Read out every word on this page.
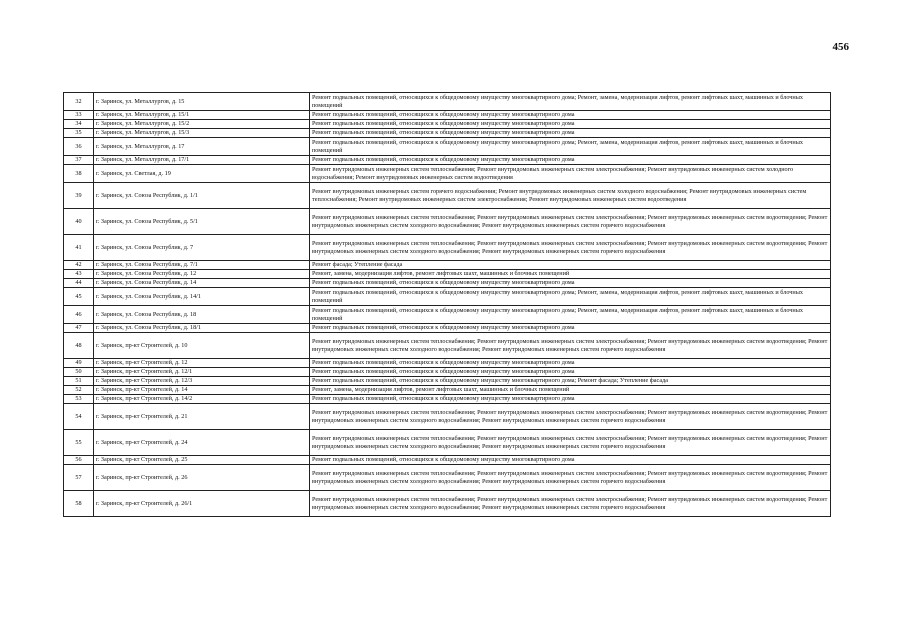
456
32	г. Заринск, ул. Металлургов, д. 15	Ремонт подвальных помещений, относящихся к общедомовому имуществу многоквартирного дома; Ремонт, замена, модернизация лифтов, ремонт лифтовых шахт, машинных и блочных помещений
33	г. Заринск, ул. Металлургов, д. 15/1	Ремонт подвальных помещений, относящихся к общедомовому имуществу многоквартирного дома
34	г. Заринск, ул. Металлургов, д. 15/2	Ремонт подвальных помещений, относящихся к общедомовому имуществу многоквартирного дома
35	г. Заринск, ул. Металлургов, д. 15/3	Ремонт подвальных помещений, относящихся к общедомовому имуществу многоквартирного дома
36	г. Заринск, ул. Металлургов, д. 17	Ремонт подвальных помещений, относящихся к общедомовому имуществу многоквартирного дома; Ремонт, замена, модернизация лифтов, ремонт лифтовых шахт, машинных и блочных помещений
37	г. Заринск, ул. Металлургов, д. 17/1	Ремонт подвальных помещений, относящихся к общедомовому имуществу многоквартирного дома
38	г. Заринск, ул. Светлая, д. 19	Ремонт внутридомовых инженерных систем теплоснабжения; Ремонт внутридомовых инженерных систем электроснабжения; Ремонт внутридомовых инженерных систем холодного водоснабжения; Ремонт внутридомовых инженерных систем водоотведения
39	г. Заринск, ул. Союза Республик, д. 1/1	Ремонт внутридомовых инженерных систем горячего водоснабжения; Ремонт внутридомовых инженерных систем холодного водоснабжения; Ремонт внутридомовых инженерных систем теплоснабжения; Ремонт внутридомовых инженерных систем электроснабжения; Ремонт внутридомовых инженерных систем водоотведения
40	г. Заринск, ул. Союза Республик, д. 5/1	Ремонт внутридомовых инженерных систем теплоснабжения; Ремонт внутридомовых инженерных систем электроснабжения; Ремонт внутридомовых инженерных систем водоотведения; Ремонт внутридомовых инженерных систем холодного водоснабжения; Ремонт внутридомовых инженерных систем горячего водоснабжения
41	г. Заринск, ул. Союза Республик, д. 7	Ремонт внутридомовых инженерных систем теплоснабжения; Ремонт внутридомовых инженерных систем электроснабжения; Ремонт внутридомовых инженерных систем водоотведения; Ремонт внутридомовых инженерных систем холодного водоснабжения; Ремонт внутридомовых инженерных систем горячего водоснабжения
42	г. Заринск, ул. Союза Республик, д. 7/1	Ремонт фасада; Утепление фасада
43	г. Заринск, ул. Союза Республик, д. 12	Ремонт, замена, модернизация лифтов, ремонт лифтовых шахт, машинных и блочных помещений
44	г. Заринск, ул. Союза Республик, д. 14	Ремонт подвальных помещений, относящихся к общедомовому имуществу многоквартирного дома
45	г. Заринск, ул. Союза Республик, д. 14/1	Ремонт подвальных помещений, относящихся к общедомовому имуществу многоквартирного дома; Ремонт, замена, модернизация лифтов, ремонт лифтовых шахт, машинных и блочных помещений
46	г. Заринск, ул. Союза Республик, д. 18	Ремонт подвальных помещений, относящихся к общедомовому имуществу многоквартирного дома; Ремонт, замена, модернизация лифтов, ремонт лифтовых шахт, машинных и блочных помещений
47	г. Заринск, ул. Союза Республик, д. 18/1	Ремонт подвальных помещений, относящихся к общедомовому имуществу многоквартирного дома
48	г. Заринск, пр-кт Строителей, д. 10	Ремонт внутридомовых инженерных систем теплоснабжения; Ремонт внутридомовых инженерных систем электроснабжения; Ремонт внутридомовых инженерных систем водоотведения; Ремонт внутридомовых инженерных систем холодного водоснабжения; Ремонт внутридомовых инженерных систем горячего водоснабжения
49	г. Заринск, пр-кт Строителей, д. 12	Ремонт подвальных помещений, относящихся к общедомовому имуществу многоквартирного дома
50	г. Заринск, пр-кт Строителей, д. 12/1	Ремонт подвальных помещений, относящихся к общедомовому имуществу многоквартирного дома
51	г. Заринск, пр-кт Строителей, д. 12/3	Ремонт подвальных помещений, относящихся к общедомовому имуществу многоквартирного дома; Ремонт фасада; Утепление фасада
52	г. Заринск, пр-кт Строителей, д. 14	Ремонт, замена, модернизация лифтов, ремонт лифтовых шахт, машинных и блочных помещений
53	г. Заринск, пр-кт Строителей, д. 14/2	Ремонт подвальных помещений, относящихся к общедомовому имуществу многоквартирного дома
54	г. Заринск, пр-кт Строителей, д. 21	Ремонт внутридомовых инженерных систем теплоснабжения; Ремонт внутридомовых инженерных систем электроснабжения; Ремонт внутридомовых инженерных систем водоотведения; Ремонт внутридомовых инженерных систем холодного водоснабжения; Ремонт внутридомовых инженерных систем горячего водоснабжения
55	г. Заринск, пр-кт Строителей, д. 24	Ремонт внутридомовых инженерных систем теплоснабжения; Ремонт внутридомовых инженерных систем электроснабжения; Ремонт внутридомовых инженерных систем водоотведения; Ремонт внутридомовых инженерных систем холодного водоснабжения; Ремонт внутридомовых инженерных систем горячего водоснабжения
56	г. Заринск, пр-кт Строителей, д. 25	Ремонт подвальных помещений, относящихся к общедомовому имуществу многоквартирного дома
57	г. Заринск, пр-кт Строителей, д. 26	Ремонт внутридомовых инженерных систем теплоснабжения; Ремонт внутридомовых инженерных систем электроснабжения; Ремонт внутридомовых инженерных систем водоотведения; Ремонт внутридомовых инженерных систем холодного водоснабжения; Ремонт внутридомовых инженерных систем горячего водоснабжения
58	г. Заринск, пр-кт Строителей, д. 26/1	Ремонт внутридомовых инженерных систем теплоснабжения; Ремонт внутридомовых инженерных систем электроснабжения; Ремонт внутридомовых инженерных систем водоотведения; Ремонт внутридомовых инженерных систем холодного водоснабжения; Ремонт внутридомовых инженерных систем горячего водоснабжения
